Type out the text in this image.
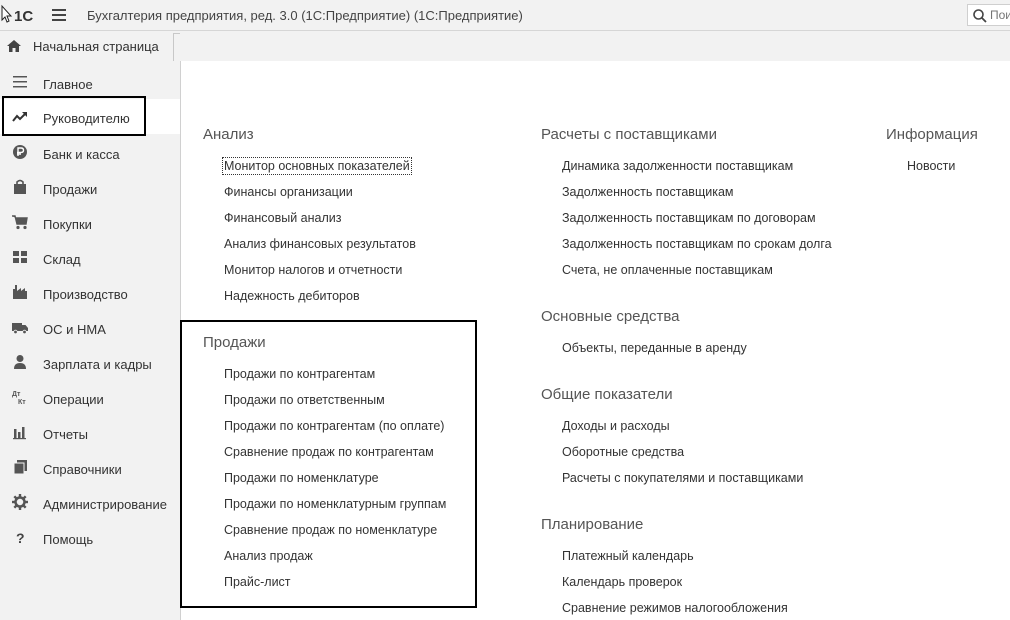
1С	Бухгалтерия предприятия, ред. 3.0 (1С:Предприятие) (1С:Предприятие)
Поиск
Начальная страница
Главное
Руководителю
Банк и касса
Продажи
Покупки
Склад
Производство
ОС и НМА
Зарплата и кадры
Дт
Кт Операции
Отчеты
Справочники
Администрирование
? Помощь
Анализ
Монитор основных показателей
Финансы организации
Финансовый анализ
Анализ финансовых результатов
Монитор налогов и отчетности
Надежность дебиторов
Продажи
Продажи по контрагентам
Продажи по ответственным
Продажи по контрагентам (по оплате)
Сравнение продаж по контрагентам
Продажи по номенклатуре
Продажи по номенклатурным группам
Сравнение продаж по номенклатуре
Анализ продаж
Прайс-лист
Расчеты с поставщиками
Динамика задолженности поставщикам
Задолженность поставщикам
Задолженность поставщикам по договорам
Задолженность поставщикам по срокам долга
Счета, не оплаченные поставщикам
Основные средства
Объекты, переданные в аренду
Общие показатели
Доходы и расходы
Оборотные средства
Расчеты с покупателями и поставщиками
Планирование
Платежный календарь
Календарь проверок
Сравнение режимов налогообложения
Информация
Новости
